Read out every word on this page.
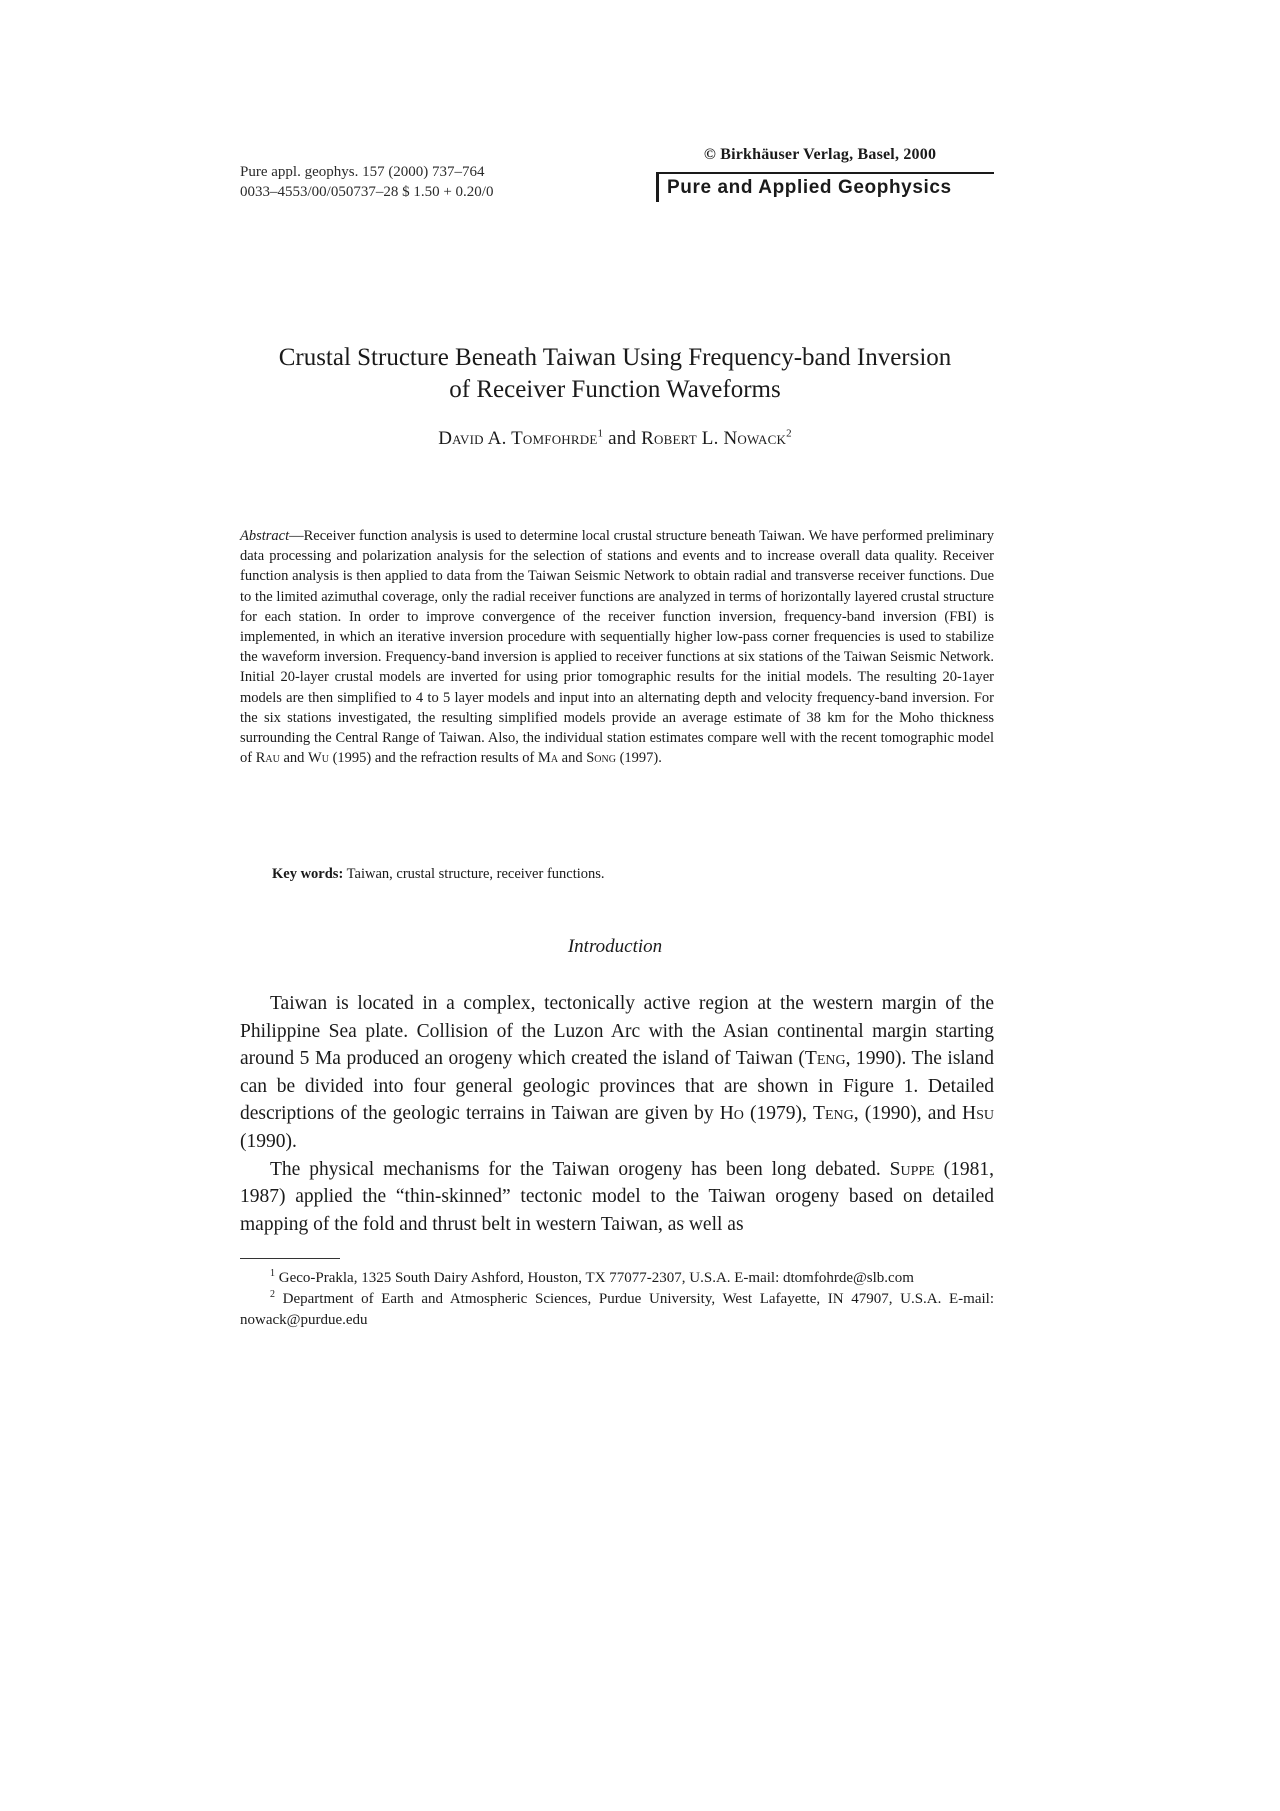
Pure appl. geophys. 157 (2000) 737–764
0033–4553/00/050737–28 $ 1.50 + 0.20/0
© Birkhäuser Verlag, Basel, 2000
Pure and Applied Geophysics
Crustal Structure Beneath Taiwan Using Frequency-band Inversion
of Receiver Function Waveforms
David A. Tomfohrde$^1$ and Robert L. Nowack$^2$
Abstract—Receiver function analysis is used to determine local crustal structure beneath Taiwan. We have performed preliminary data processing and polarization analysis for the selection of stations and events and to increase overall data quality. Receiver function analysis is then applied to data from the Taiwan Seismic Network to obtain radial and transverse receiver functions. Due to the limited azimuthal coverage, only the radial receiver functions are analyzed in terms of horizontally layered crustal structure for each station. In order to improve convergence of the receiver function inversion, frequency-band inversion (FBI) is implemented, in which an iterative inversion procedure with sequentially higher low-pass corner frequencies is used to stabilize the waveform inversion. Frequency-band inversion is applied to receiver functions at six stations of the Taiwan Seismic Network. Initial 20-layer crustal models are inverted for using prior tomographic results for the initial models. The resulting 20-1ayer models are then simplified to 4 to 5 layer models and input into an alternating depth and velocity frequency-band inversion. For the six stations investigated, the resulting simplified models provide an average estimate of 38 km for the Moho thickness surrounding the Central Range of Taiwan. Also, the individual station estimates compare well with the recent tomographic model of Rau and Wu (1995) and the refraction results of Ma and Song (1997).
Key words: Taiwan, crustal structure, receiver functions.
Introduction

Taiwan is located in a complex, tectonically active region at the western margin of the Philippine Sea plate. Collision of the Luzon Arc with the Asian continental margin starting around 5 Ma produced an orogeny which created the island of Taiwan (Teng, 1990). The island can be divided into four general geologic provinces that are shown in Figure 1. Detailed descriptions of the geologic terrains in Taiwan are given by Ho (1979), Teng, (1990), and Hsu (1990).

The physical mechanisms for the Taiwan orogeny has been long debated. Suppe (1981, 1987) applied the “thin-skinned” tectonic model to the Taiwan orogeny based on detailed mapping of the fold and thrust belt in western Taiwan, as well as

$^1$ Geco-Prakla, 1325 South Dairy Ashford, Houston, TX 77077-2307, U.S.A. E-mail: dtomfohrde@slb.com

$^2$ Department of Earth and Atmospheric Sciences, Purdue University, West Lafayette, IN 47907, U.S.A. E-mail: nowack@purdue.edu
